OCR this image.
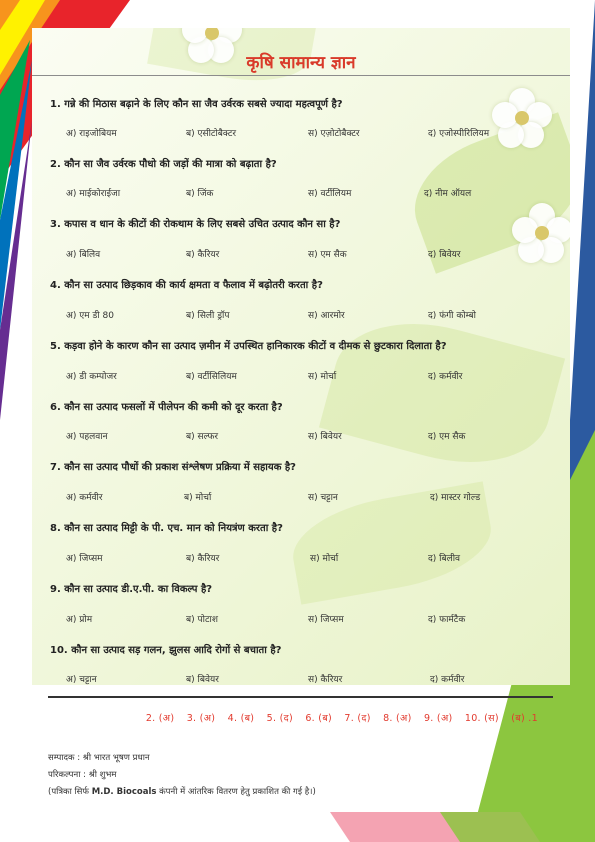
कृषि सामान्य ज्ञान
1. गन्ने की मिठास बढ़ाने के लिए कौन सा जैव उर्वरक सबसे ज्यादा महत्वपूर्ण है?
अ) राइजोबियम	ब) एसीटोबैक्टर	स) एज़ोटोबैक्टर	द) एजोस्पीरिलियम
2. कौन सा जैव उर्वरक पौधो की जड़ों की मात्रा को बढ़ाता है?
अ) माईकोराईजा	ब) जिंक	स) वर्टीलियम	द) नीम ऑयल
3. कपास व धान के कीटों की रोकथाम के लिए सबसे उचित उत्पाद कौन सा है?
अ) बिलिव	ब) कैरियर	स) एम सैक	द) बिवेयर
4. कौन सा उत्पाद छिड़काव की कार्य क्षमता व फैलाव में बढ़ोतरी करता है?
अ) एम डी 80	ब) सिली ड्रॉप	स) आरमोर	द) फंगी कोम्बो
5. कड़वा होने के कारण कौन सा उत्पाद ज़मीन में उपस्थित हानिकारक कीटों व दीमक से छुटकारा दिलाता है?
अ) डी कम्पोजर	ब) वर्टीसिलियम	स) मोर्चा	द) कर्मवीर
6. कौन सा उत्पाद फसलों में पीलेपन की कमी को दूर करता है?
अ) पहलवान	ब) सल्फर	स) बिवेयर	द) एम सैक
7. कौन सा उत्पाद पौधों की प्रकाश संश्लेषण प्रक्रिया में सहायक है?
अ) कर्मवीर	ब) मोर्चा	स) चट्टान	द) मास्टर गोल्ड
8. कौन सा उत्पाद मिट्टी के पी. एच. मान को नियत्रंण करता है?
अ) जिप्सम	ब) कैरियर	स) मोर्चा	द) बिलीव
9. कौन सा उत्पाद डी.ए.पी. का विकल्प है?
अ) प्रोम	ब) पोटाश	स) जिप्सम	द) फार्मटैक
10. कौन सा उत्पाद सड़ गलन, झुलस आदि रोगों से बचाता है?
अ) चट्टान	ब) बिवेयर	स) कैरियर	द) कर्मवीर
1. (ब) 2. (अ) 3. (अ) 4. (ब) 5. (द) 6. (ब) 7. (द) 8. (अ) 9. (अ) 10. (स)
सम्पादक : श्री भारत भूषण प्रधान
परिकल्पना : श्री शुभम
(पत्रिका सिर्फ M.D. Biocoals कंपनी में आंतरिक वितरण हेतु प्रकाशित की गई है।)
